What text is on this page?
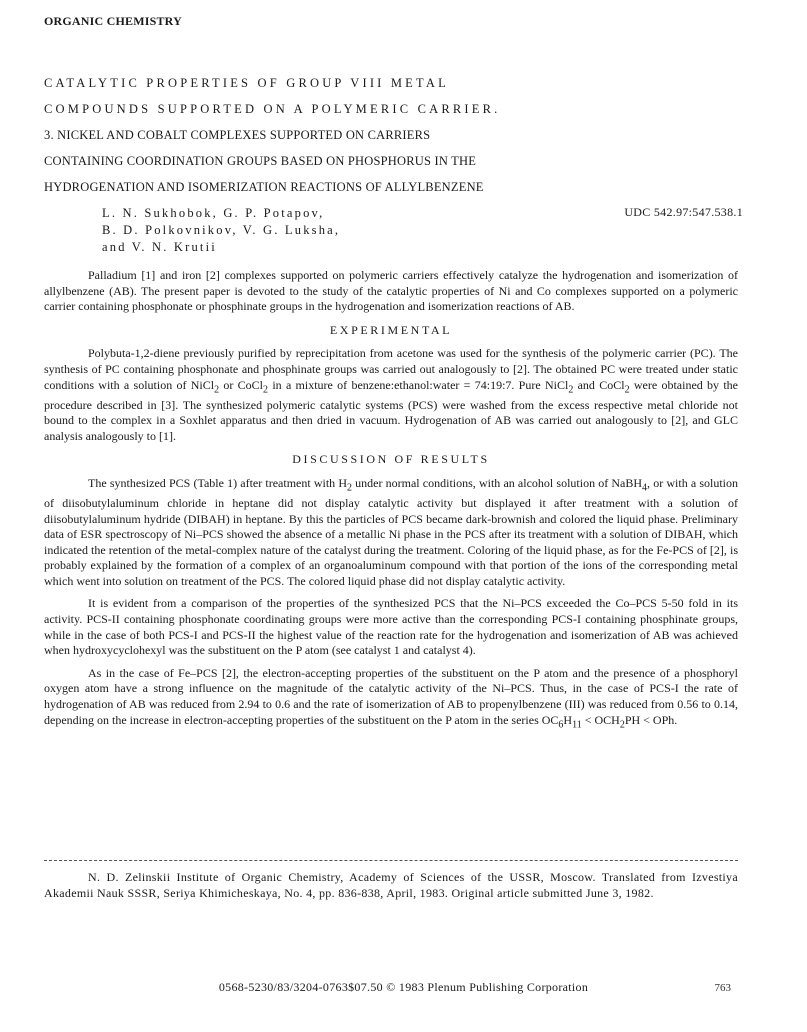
ORGANIC CHEMISTRY
CATALYTIC PROPERTIES OF GROUP VIII METAL
COMPOUNDS SUPPORTED ON A POLYMERIC CARRIER.
3. NICKEL AND COBALT COMPLEXES SUPPORTED ON CARRIERS
CONTAINING COORDINATION GROUPS BASED ON PHOSPHORUS IN THE
HYDROGENATION AND ISOMERIZATION REACTIONS OF ALLYLBENZENE
L. N. Sukhobok, G. P. Potapov,
B. D. Polkovnikov, V. G. Luksha,
and V. N. Krutii
UDC 542.97:547.538.1

Palladium [1] and iron [2] complexes supported on polymeric carriers effectively catalyze the hydrogenation and isomerization of allylbenzene (AB). The present paper is devoted to the study of the catalytic properties of Ni and Co complexes supported on a polymeric carrier containing phosphonate or phosphinate groups in the hydrogenation and isomerization reactions of AB.

EXPERIMENTAL

Polybuta-1,2-diene previously purified by reprecipitation from acetone was used for the synthesis of the polymeric carrier (PC). The synthesis of PC containing phosphonate and phosphinate groups was carried out analogously to [2]. The obtained PC were treated under static conditions with a solution of NiCl$_2$ or CoCl$_2$ in a mixture of benzene:ethanol:water = 74:19:7. Pure NiCl$_2$ and CoCl$_2$ were obtained by the procedure described in [3]. The synthesized polymeric catalytic systems (PCS) were washed from the excess respective metal chloride not bound to the complex in a Soxhlet apparatus and then dried in vacuum. Hydrogenation of AB was carried out analogously to [2], and GLC analysis analogously to [1].

DISCUSSION OF RESULTS

The synthesized PCS (Table 1) after treatment with $H_2$ under normal conditions, with an alcohol solution of NaBH$_4$, or with a solution of diisobutylaluminum chloride in heptane did not display catalytic activity but displayed it after treatment with a solution of diisobutylaluminum hydride (DIBAH) in heptane. By this the particles of PCS became dark-brownish and colored the liquid phase. Preliminary data of ESR spectroscopy of Ni–PCS showed the absence of a metallic Ni phase in the PCS after its treatment with a solution of DIBAH, which indicated the retention of the metal-complex nature of the catalyst during the treatment. Coloring of the liquid phase, as for the Fe-PCS of [2], is probably explained by the formation of a complex of an organoaluminum compound with that portion of the ions of the corresponding metal which went into solution on treatment of the PCS. The colored liquid phase did not display catalytic activity.

It is evident from a comparison of the properties of the synthesized PCS that the Ni–PCS exceeded the Co–PCS 5-50 fold in its activity. PCS-II containing phosphonate coordinating groups were more active than the corresponding PCS-I containing phosphinate groups, while in the case of both PCS-I and PCS-II the highest value of the reaction rate for the hydrogenation and isomerization of AB was achieved when hydroxycyclohexyl was the substituent on the P atom (see catalyst 1 and catalyst 4).

As in the case of Fe–PCS [2], the electron-accepting properties of the substituent on the P atom and the presence of a phosphoryl oxygen atom have a strong influence on the magnitude of the catalytic activity of the Ni–PCS. Thus, in the case of PCS-I the rate of hydrogenation of AB was reduced from 2.94 to 0.6 and the rate of isomerization of AB to propenylbenzene (III) was reduced from 0.56 to 0.14, depending on the increase in electron-accepting properties of the substituent on the P atom in the series $OC_6H_{11} < OCH_2PH$ < OPh.

N. D. Zelinskii Institute of Organic Chemistry, Academy of Sciences of the USSR, Moscow. Translated from Izvestiya Akademii Nauk SSSR, Seriya Khimicheskaya, No. 4, pp. 836-838, April, 1983. Original article submitted June 3, 1982.
0568-5230/83/3204-0763$07.50 © 1983 Plenum Publishing Corporation	763
